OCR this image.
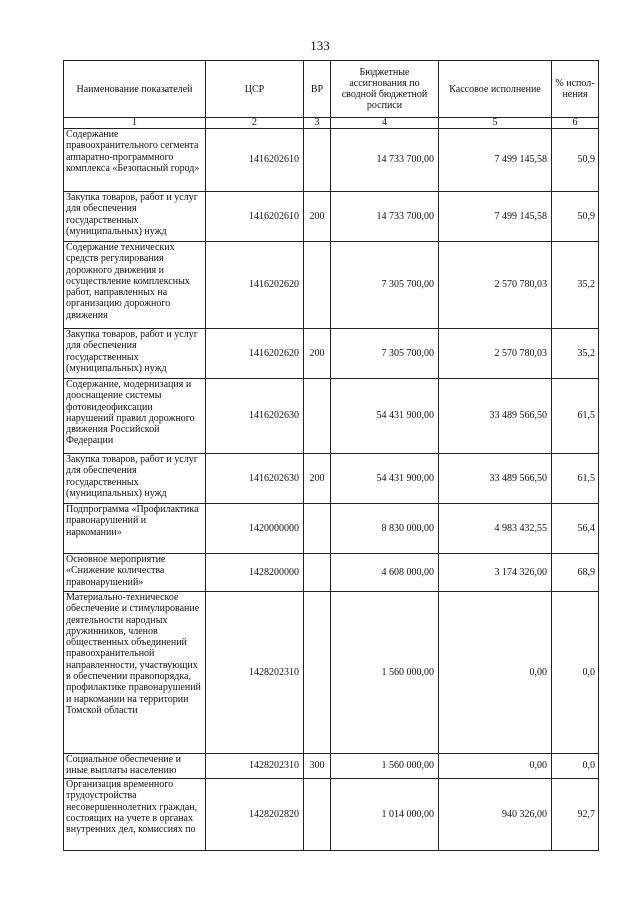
133
Наименование показателей	ЦСР	ВР	Бюджетные ассигнования по сводной бюджетной росписи	Кассовое исполнение	% испол-нения
1	2	3	4	5	6
Содержание правоохранительного сегмента аппаратно-программного комплекса «Безопасный город»	1416202610		14 733 700,00	7 499 145,58	50,9
Закупка товаров, работ и услуг для обеспечения государственных (муниципальных) нужд	1416202610	200	14 733 700,00	7 499 145,58	50,9
Содержание технических средств регулирования дорожного движения и осуществление комплексных работ, направленных на организацию дорожного движения	1416202620		7 305 700,00	2 570 780,03	35,2
Закупка товаров, работ и услуг для обеспечения государственных (муниципальных) нужд	1416202620	200	7 305 700,00	2 570 780,03	35,2
Содержание, модернизация и дооснащение системы фотовидеофиксации нарушений правил дорожного движения Российской Федерации	1416202630		54 431 900,00	33 489 566,50	61,5
Закупка товаров, работ и услуг для обеспечения государственных (муниципальных) нужд	1416202630	200	54 431 900,00	33 489 566,50	61,5
Подпрограмма «Профилактика правонарушений и наркомании»	1420000000		8 830 000,00	4 983 432,55	56,4
Основное мероприятие «Снижение количества правонарушений»	1428200000		4 608 000,00	3 174 326,00	68,9
Материально-техническое обеспечение и стимулирование деятельности народных дружинников, членов общественных объединений правоохранительной направленности, участвующих в обеспечении правопорядка, профилактике правонарушений и наркомании на территории Томской области	1428202310		1 560 000,00	0,00	0,0
Социальное обеспечение и иные выплаты населению	1428202310	300	1 560 000,00	0,00	0,0
Организация временного трудоустройства несовершеннолетних граждан, состоящих на учете в органах внутренних дел, комиссиях по	1428202820		1 014 000,00	940 326,00	92,7
